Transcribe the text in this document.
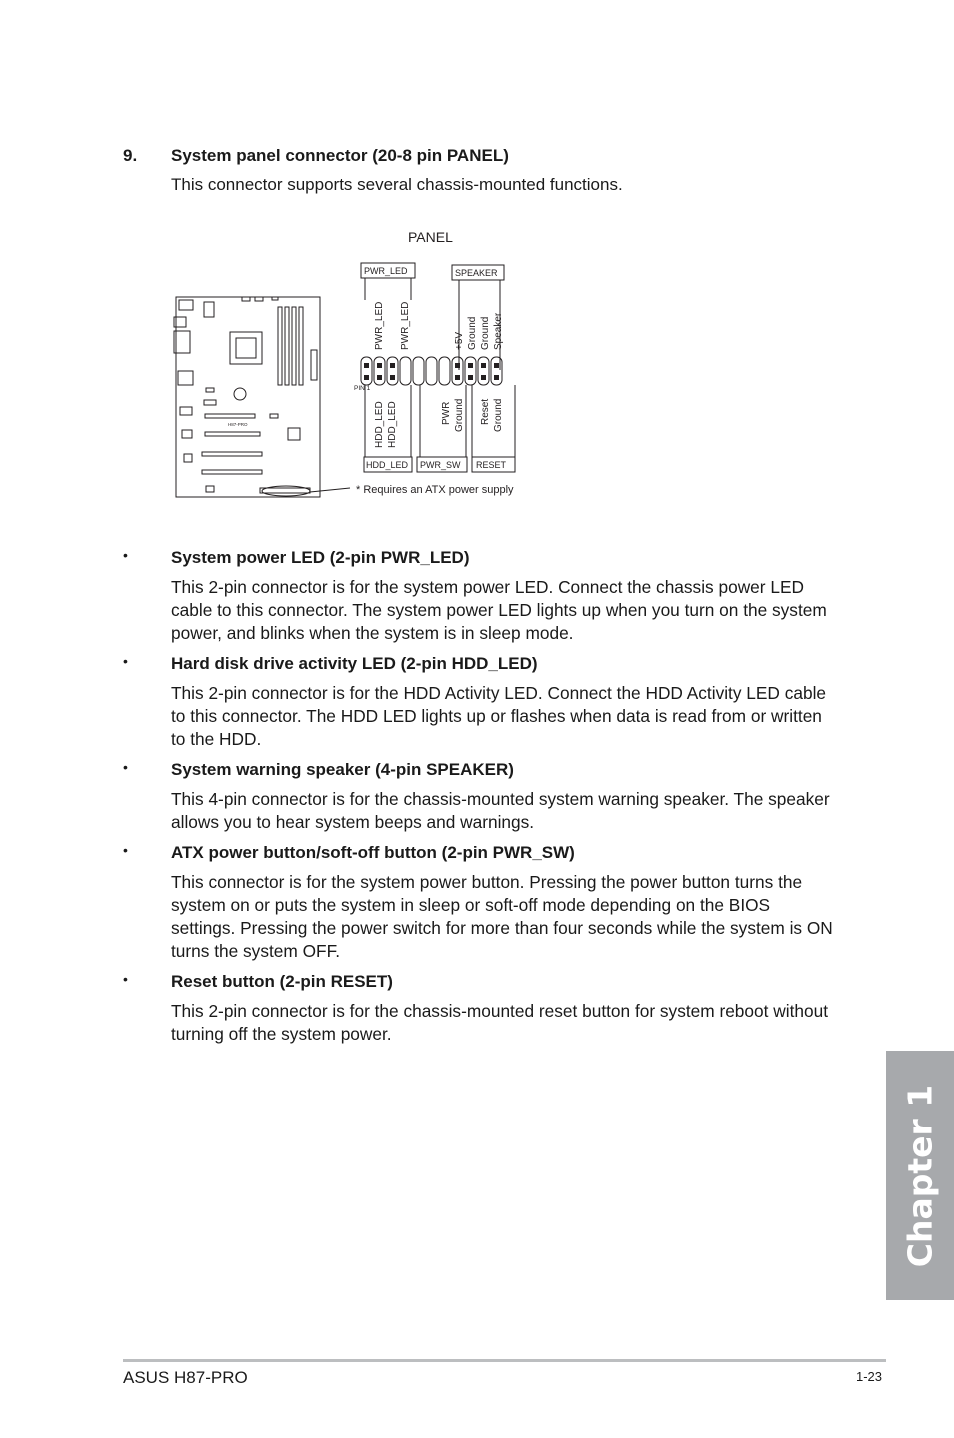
9. System panel connector (20-8 pin PANEL)
This connector supports several chassis-mounted functions.
H87-PRO
PANEL
PWR_LED	SPEAKER
PWR_LED PWR_LED	+5V Ground Ground Speaker
PIN 1
HDD_LED HDD_LED	PWR Ground Reset Ground
HDD_LED PWR_SW RESET
* Requires an ATX power supply
•	System power LED (2-pin PWR_LED)
This 2-pin connector is for the system power LED. Connect the chassis power LED cable to this connector. The system power LED lights up when you turn on the system power, and blinks when the system is in sleep mode.
•	Hard disk drive activity LED (2-pin HDD_LED)
This 2-pin connector is for the HDD Activity LED. Connect the HDD Activity LED cable to this connector. The HDD LED lights up or flashes when data is read from or written to the HDD.
•	System warning speaker (4-pin SPEAKER)
This 4-pin connector is for the chassis-mounted system warning speaker. The speaker allows you to hear system beeps and warnings.
•	ATX power button/soft-off button (2-pin PWR_SW)
This connector is for the system power button. Pressing the power button turns the system on or puts the system in sleep or soft-off mode depending on the BIOS settings. Pressing the power switch for more than four seconds while the system is ON turns the system OFF.
•	Reset button (2-pin RESET)
This 2-pin connector is for the chassis-mounted reset button for system reboot without turning off the system power.
Chapter 1
ASUS H87-PRO	1-23
